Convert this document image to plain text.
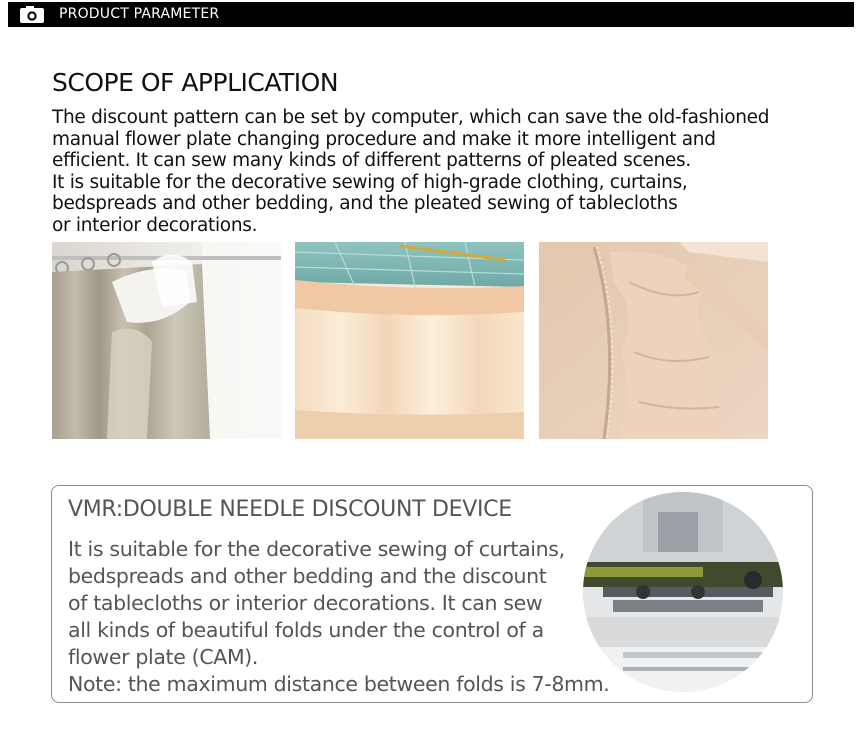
PRODUCT PARAMETER
SCOPE OF APPLICATION

The discount pattern can be set by computer, which can save the old-fashioned
manual flower plate changing procedure and make it more intelligent and
efficient. It can sew many kinds of different patterns of pleated scenes.

It is suitable for the decorative sewing of high-grade clothing, curtains,
bedspreads and other bedding, and the pleated sewing of tablecloths
or interior decorations.

VMR:DOUBLE NEEDLE DISCOUNT DEVICE

It is suitable for the decorative sewing of curtains,
bedspreads and other bedding and the discount
of tablecloths or interior decorations. It can sew
all kinds of beautiful folds under the control of a
flower plate (CAM).

Note: the maximum distance between folds is 7-8mm.
